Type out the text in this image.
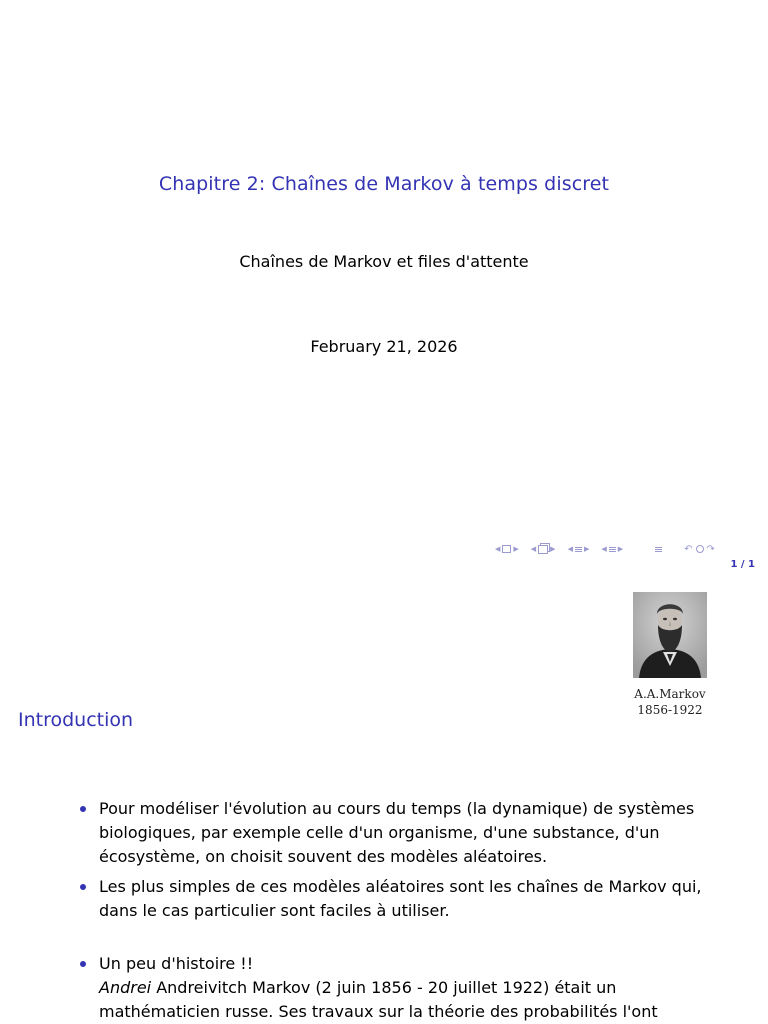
Chapitre 2: Chaînes de Markov à temps discret
Chaînes de Markov et files d'attente
February 21, 2026
◀ ▶ ◀ ▶ ◀ ▶ ◀ ▶	↶ ↷
1 / 1
A.A.Markov
1856-1922
Introduction
Pour modéliser l'évolution au cours du temps (la dynamique) de systèmes biologiques, par exemple celle d'un organisme, d'une substance, d'un écosystème, on choisit souvent des modèles aléatoires.
Les plus simples de ces modèles aléatoires sont les chaînes de Markov qui, dans le cas particulier sont faciles à utiliser.
Un peu d'histoire !!
Andrei Andreivitch Markov (2 juin 1856 - 20 juillet 1922) était un mathématicien russe. Ses travaux sur la théorie des probabilités l'ont
